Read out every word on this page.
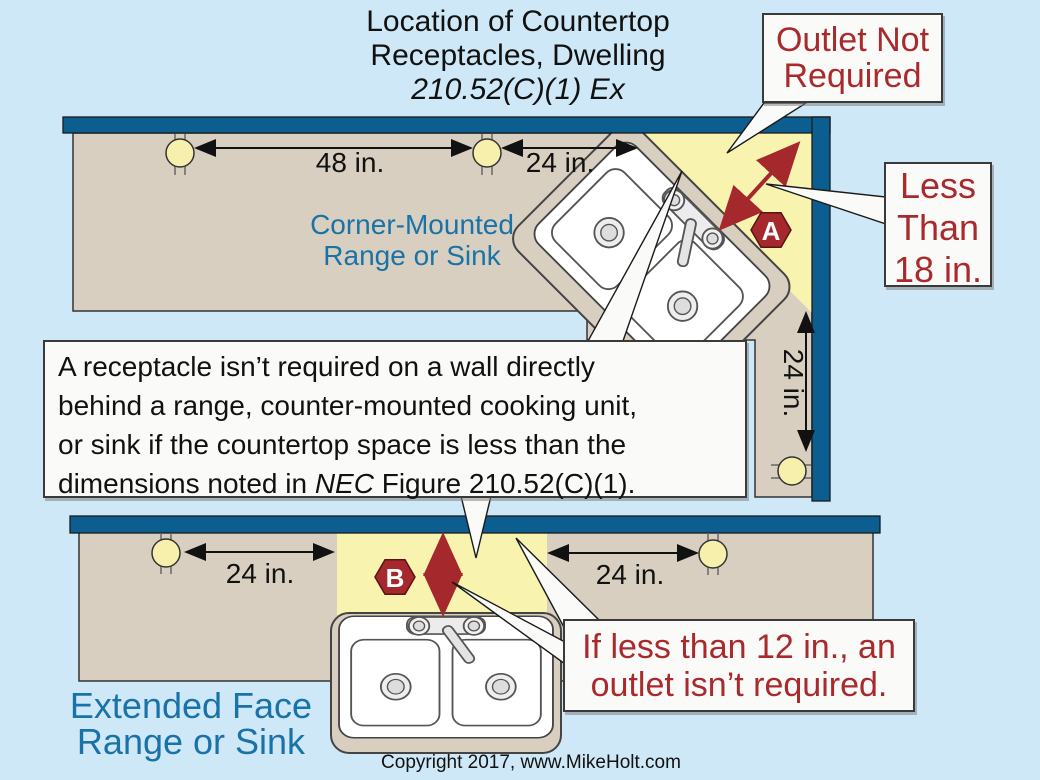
48 in.	24 in.
24 in.
A
24 in.	24 in.
B
Location of Countertop
Receptacles, Dwelling
210.52(C)(1) Ex
Corner-Mounted
Range or Sink
Extended Face
Range or Sink
Outlet Not
Required
Less
Than
18 in.
A receptacle isn’t required on a wall directly
behind a range, counter-mounted cooking unit,
or sink if the countertop space is less than the
dimensions noted in NEC Figure 210.52(C)(1).
If less than 12 in., an
outlet isn’t required.
Copyright 2017, www.MikeHolt.com
